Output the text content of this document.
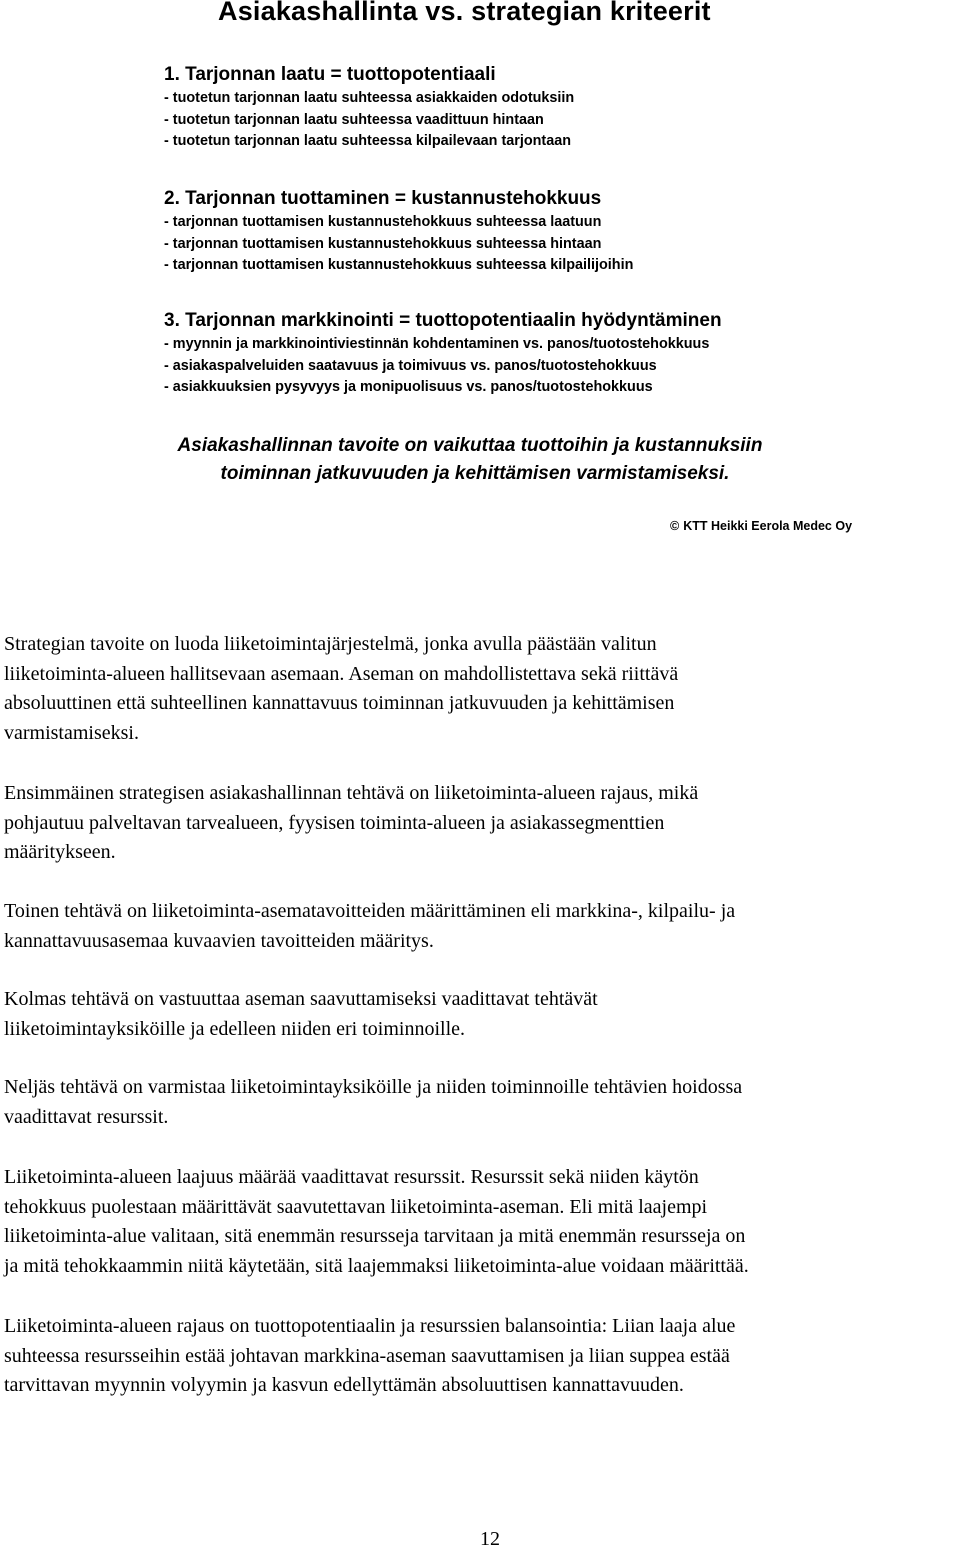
Asiakashallinta vs. strategian kriteerit
1. Tarjonnan laatu = tuottopotentiaali
- tuotetun tarjonnan laatu suhteessa asiakkaiden odotuksiin
- tuotetun tarjonnan laatu suhteessa vaadittuun hintaan
- tuotetun tarjonnan laatu suhteessa kilpailevaan tarjontaan
2. Tarjonnan tuottaminen = kustannustehokkuus
- tarjonnan tuottamisen kustannustehokkuus suhteessa laatuun
- tarjonnan tuottamisen kustannustehokkuus suhteessa hintaan
- tarjonnan tuottamisen kustannustehokkuus suhteessa kilpailijoihin
3. Tarjonnan markkinointi = tuottopotentiaalin hyödyntäminen
- myynnin ja markkinointiviestinnän kohdentaminen vs. panos/tuotostehokkuus
- asiakaspalveluiden saatavuus ja toimivuus vs. panos/tuotostehokkuus
- asiakkuuksien pysyvyys ja monipuolisuus vs. panos/tuotostehokkuus
Asiakashallinnan tavoite on vaikuttaa tuottoihin ja kustannuksiin
toiminnan jatkuvuuden ja kehittämisen varmistamiseksi.
© KTT Heikki Eerola Medec Oy

Strategian tavoite on luoda liiketoimintajärjestelmä, jonka avulla päästään valitun
liiketoiminta-alueen hallitsevaan asemaan. Aseman on mahdollistettava sekä riittävä
absoluuttinen että suhteellinen kannattavuus toiminnan jatkuvuuden ja kehittämisen
varmistamiseksi.

Ensimmäinen strategisen asiakashallinnan tehtävä on liiketoiminta-alueen rajaus, mikä
pohjautuu palveltavan tarvealueen, fyysisen toiminta-alueen ja asiakassegmenttien
määritykseen.

Toinen tehtävä on liiketoiminta-asematavoitteiden määrittäminen eli markkina-, kilpailu- ja
kannattavuusasemaa kuvaavien tavoitteiden määritys.

Kolmas tehtävä on vastuuttaa aseman saavuttamiseksi vaadittavat tehtävät
liiketoimintayksiköille ja edelleen niiden eri toiminnoille.

Neljäs tehtävä on varmistaa liiketoimintayksiköille ja niiden toiminnoille tehtävien hoidossa
vaadittavat resurssit.

Liiketoiminta-alueen laajuus määrää vaadittavat resurssit. Resurssit sekä niiden käytön
tehokkuus puolestaan määrittävät saavutettavan liiketoiminta-aseman. Eli mitä laajempi
liiketoiminta-alue valitaan, sitä enemmän resursseja tarvitaan ja mitä enemmän resursseja on
ja mitä tehokkaammin niitä käytetään, sitä laajemmaksi liiketoiminta-alue voidaan määrittää.

Liiketoiminta-alueen rajaus on tuottopotentiaalin ja resurssien balansointia: Liian laaja alue
suhteessa resursseihin estää johtavan markkina-aseman saavuttamisen ja liian suppea estää
tarvittavan myynnin volyymin ja kasvun edellyttämän absoluuttisen kannattavuuden.

12
